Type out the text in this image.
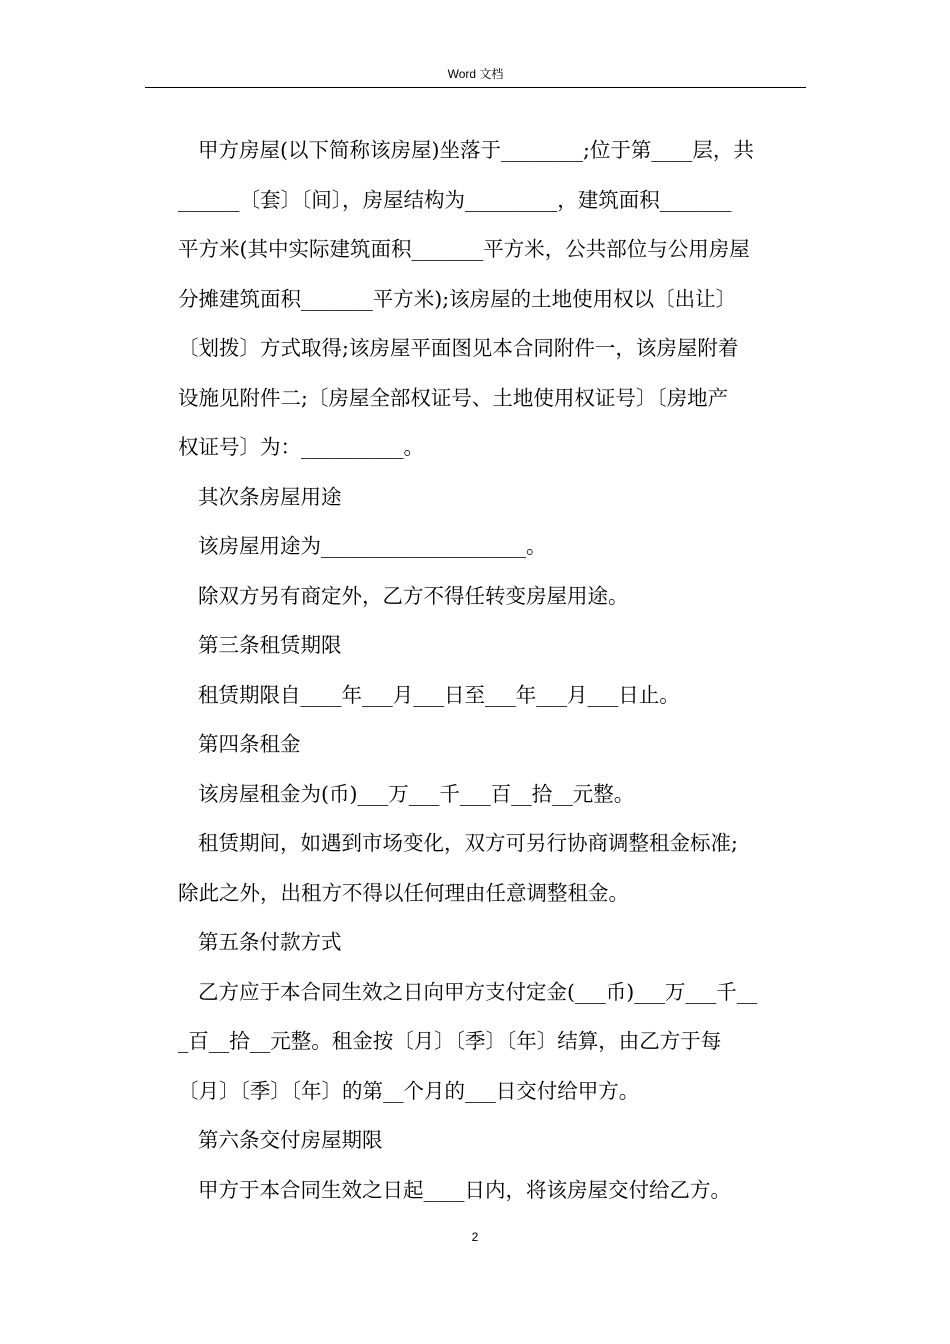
Word 文档
甲方房屋(以下简称该房屋)坐落于________;位于第____层，共
______〔套〕〔间〕，房屋结构为_________，建筑面积_______
平方米(其中实际建筑面积_______平方米，公共部位与公用房屋
分摊建筑面积_______平方米);该房屋的土地使用权以〔出让〕
〔划拨〕方式取得;该房屋平面图见本合同附件一，该房屋附着
设施见附件二;〔房屋全部权证号、土地使用权证号〕〔房地产
权证号〕为：__________。
其次条房屋用途
该房屋用途为____________________。
除双方另有商定外，乙方不得任转变房屋用途。
第三条租赁期限
租赁期限自____年___月___日至___年___月___日止。
第四条租金
该房屋租金为(币)___万___千___百__拾__元整。
租赁期间，如遇到市场变化，双方可另行协商调整租金标准;
除此之外，出租方不得以任何理由任意调整租金。
第五条付款方式
乙方应于本合同生效之日向甲方支付定金(___币)___万___千__
_百__拾__元整。租金按〔月〕〔季〕〔年〕结算，由乙方于每
〔月〕〔季〕〔年〕的第__个月的___日交付给甲方。
第六条交付房屋期限
甲方于本合同生效之日起____日内，将该房屋交付给乙方。
2
